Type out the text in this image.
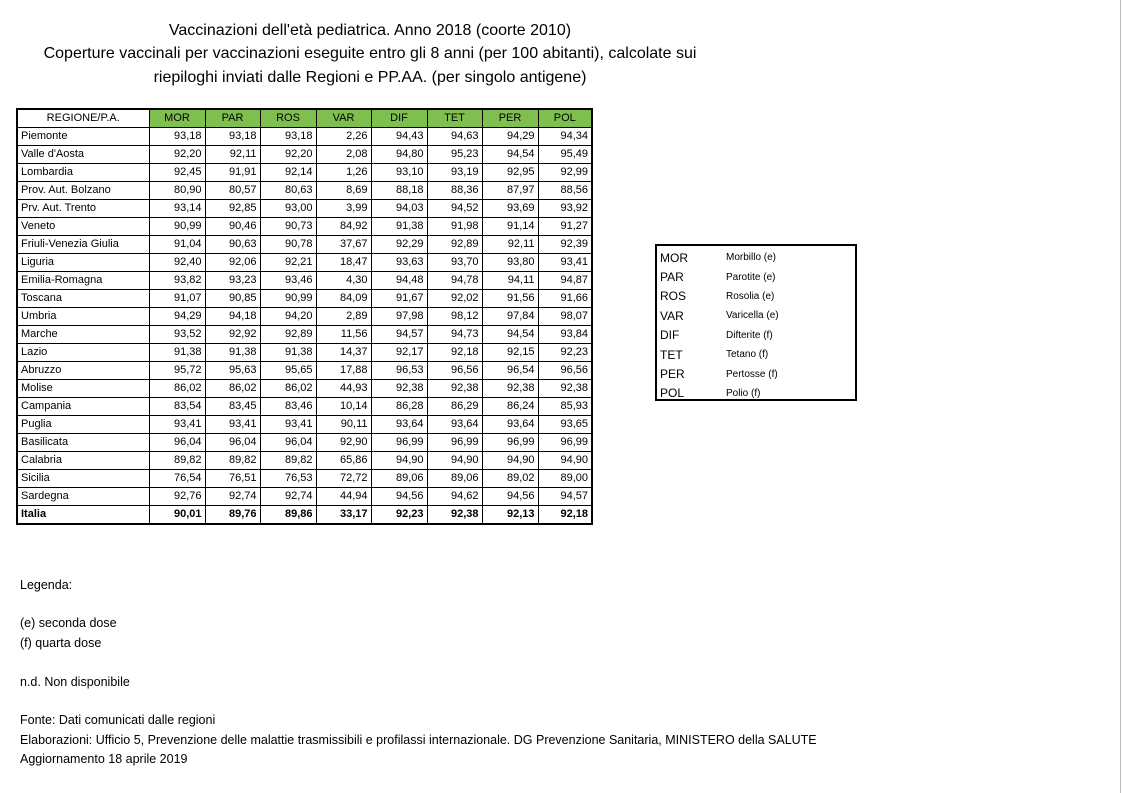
Vaccinazioni dell'età pediatrica. Anno 2018 (coorte 2010)
Coperture vaccinali per vaccinazioni eseguite entro gli 8 anni (per 100 abitanti), calcolate sui
riepiloghi inviati dalle Regioni e PP.AA. (per singolo antigene)
REGIONE/P.A.	MOR	PAR	ROS	VAR	DIF	TET	PER	POL
Piemonte	93,18	93,18	93,18	2,26	94,43	94,63	94,29	94,34
Valle d'Aosta	92,20	92,11	92,20	2,08	94,80	95,23	94,54	95,49
Lombardia	92,45	91,91	92,14	1,26	93,10	93,19	92,95	92,99
Prov. Aut. Bolzano	80,90	80,57	80,63	8,69	88,18	88,36	87,97	88,56
Prv. Aut. Trento	93,14	92,85	93,00	3,99	94,03	94,52	93,69	93,92
Veneto	90,99	90,46	90,73	84,92	91,38	91,98	91,14	91,27
Friuli-Venezia Giulia	91,04	90,63	90,78	37,67	92,29	92,89	92,11	92,39
Liguria	92,40	92,06	92,21	18,47	93,63	93,70	93,80	93,41
Emilia-Romagna	93,82	93,23	93,46	4,30	94,48	94,78	94,11	94,87
Toscana	91,07	90,85	90,99	84,09	91,67	92,02	91,56	91,66
Umbria	94,29	94,18	94,20	2,89	97,98	98,12	97,84	98,07
Marche	93,52	92,92	92,89	11,56	94,57	94,73	94,54	93,84
Lazio	91,38	91,38	91,38	14,37	92,17	92,18	92,15	92,23
Abruzzo	95,72	95,63	95,65	17,88	96,53	96,56	96,54	96,56
Molise	86,02	86,02	86,02	44,93	92,38	92,38	92,38	92,38
Campania	83,54	83,45	83,46	10,14	86,28	86,29	86,24	85,93
Puglia	93,41	93,41	93,41	90,11	93,64	93,64	93,64	93,65
Basilicata	96,04	96,04	96,04	92,90	96,99	96,99	96,99	96,99
Calabria	89,82	89,82	89,82	65,86	94,90	94,90	94,90	94,90
Sicilia	76,54	76,51	76,53	72,72	89,06	89,06	89,02	89,00
Sardegna	92,76	92,74	92,74	44,94	94,56	94,62	94,56	94,57
Italia	90,01	89,76	89,86	33,17	92,23	92,38	92,13	92,18
MOR	Morbillo (e)
PAR	Parotite (e)
ROS	Rosolia (e)
VAR	Varicella (e)
DIF	Difterite (f)
TET	Tetano (f)
PER	Pertosse (f)
POL	Polio (f)
Legenda:
(e) seconda dose
(f) quarta dose
n.d. Non disponibile
Fonte: Dati comunicati dalle regioni
Elaborazioni: Ufficio 5, Prevenzione delle malattie trasmissibili e profilassi internazionale. DG Prevenzione Sanitaria, MINISTERO della SALUTE
Aggiornamento 18 aprile 2019
